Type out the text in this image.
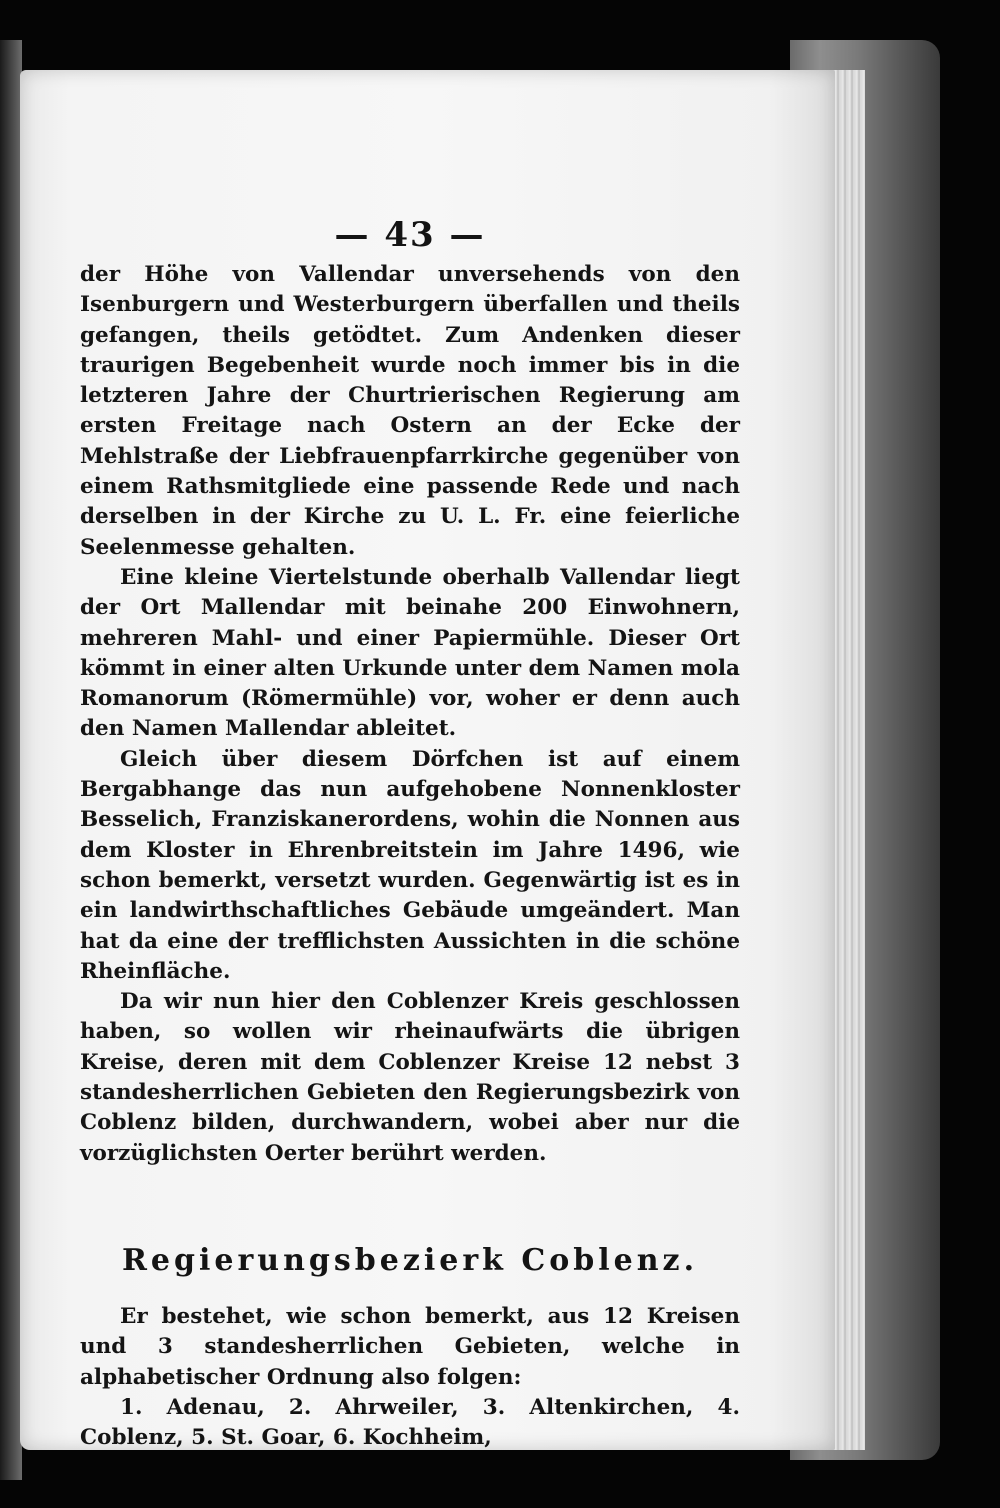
— 43 —

der Höhe von Vallendar unversehends von den Isenburgern und Westerburgern überfallen und theils gefangen, theils getödtet. Zum Andenken dieser traurigen Begebenheit wurde noch immer bis in die letzteren Jahre der Churtrierischen Regierung am ersten Freitage nach Ostern an der Ecke der Mehlstraße der Liebfrauenpfarrkirche gegenüber von einem Rathsmitgliede eine passende Rede und nach derselben in der Kirche zu U. L. Fr. eine feierliche Seelenmesse gehalten.

Eine kleine Viertelstunde oberhalb Vallendar liegt der Ort Mallendar mit beinahe 200 Einwohnern, mehreren Mahl- und einer Papiermühle. Dieser Ort kömmt in einer alten Urkunde unter dem Namen mola Romanorum (Römermühle) vor, woher er denn auch den Namen Mallendar ableitet.

Gleich über diesem Dörfchen ist auf einem Bergabhange das nun aufgehobene Nonnenkloster Besselich, Franziskanerordens, wohin die Nonnen aus dem Kloster in Ehrenbreitstein im Jahre 1496, wie schon bemerkt, versetzt wurden. Gegenwärtig ist es in ein landwirthschaftliches Gebäude umgeändert. Man hat da eine der trefflichsten Aussichten in die schöne Rheinfläche.

Da wir nun hier den Coblenzer Kreis geschlossen haben, so wollen wir rheinaufwärts die übrigen Kreise, deren mit dem Coblenzer Kreise 12 nebst 3 standesherrlichen Gebieten den Regierungsbezirk von Coblenz bilden, durchwandern, wobei aber nur die vorzüglichsten Oerter berührt werden.

Regierungsbezierk Coblenz.

Er bestehet, wie schon bemerkt, aus 12 Kreisen und 3 standesherrlichen Gebieten, welche in alphabetischer Ordnung also folgen:

1. Adenau, 2. Ahrweiler, 3. Altenkirchen, 4. Coblenz, 5. St. Goar, 6. Kochheim,
